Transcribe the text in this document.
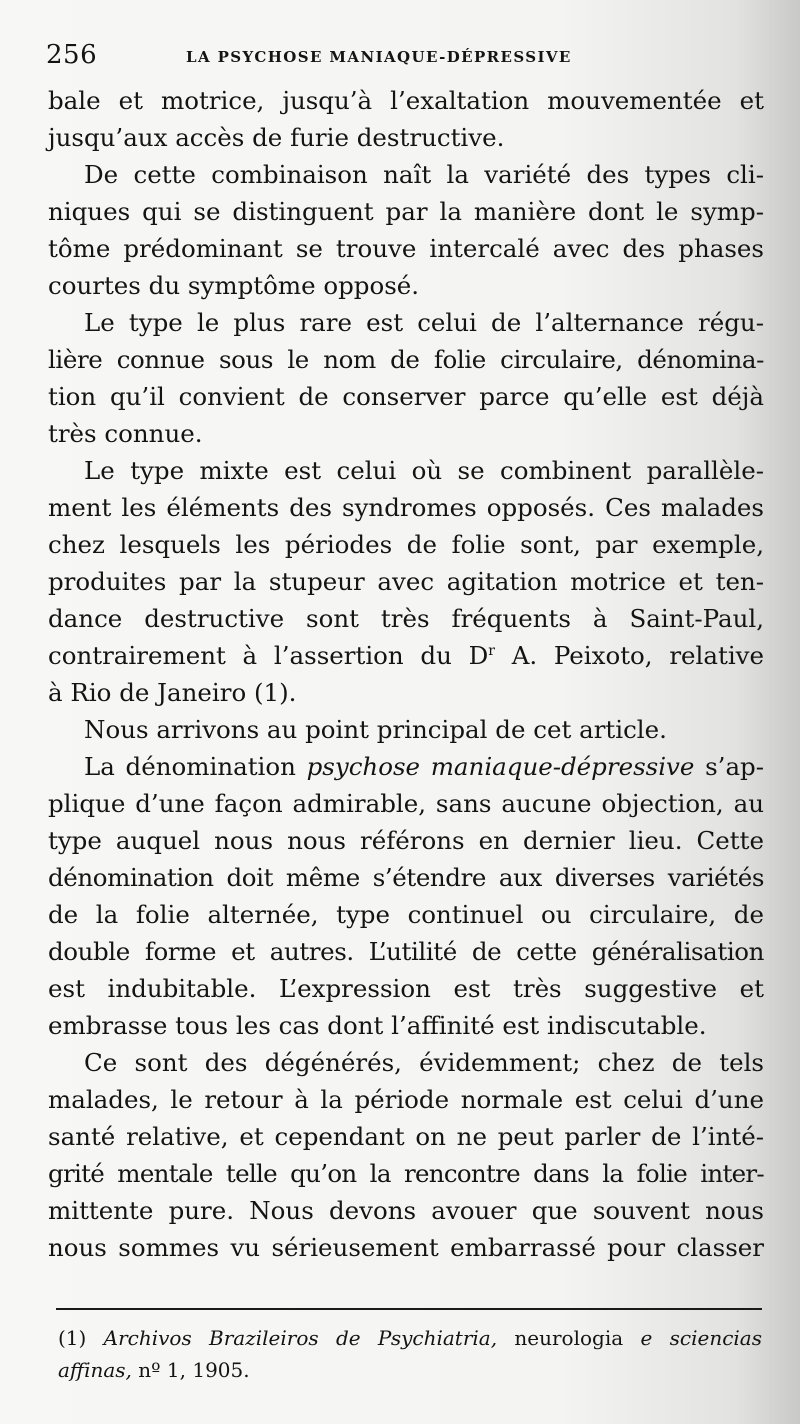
256	LA PSYCHOSE MANIAQUE-DÉPRESSIVE
bale et motrice, jusqu’à l’exaltation mouvementée et
jusqu’aux accès de furie destructive.
De cette combinaison naît la variété des types cli-
niques qui se distinguent par la manière dont le symp-
tôme prédominant se trouve intercalé avec des phases
courtes du symptôme opposé.
Le type le plus rare est celui de l’alternance régu-
lière connue sous le nom de folie circulaire, dénomina-
tion qu’il convient de conserver parce qu’elle est déjà
très connue.
Le type mixte est celui où se combinent parallèle-
ment les éléments des syndromes opposés. Ces malades
chez lesquels les périodes de folie sont, par exemple,
produites par la stupeur avec agitation motrice et ten-
dance destructive sont très fréquents à Saint-Paul,
contrairement à l’assertion du $D^r$ A. Peixoto, relative
à Rio de Janeiro (1).
Nous arrivons au point principal de cet article.
La dénomination psychose maniaque-dépressive s’ap-
plique d’une façon admirable, sans aucune objection, au
type auquel nous nous référons en dernier lieu. Cette
dénomination doit même s’étendre aux diverses variétés
de la folie alternée, type continuel ou circulaire, de
double forme et autres. L’utilité de cette généralisation
est indubitable. L’expression est très suggestive et
embrasse tous les cas dont l’affinité est indiscutable.
Ce sont des dégénérés, évidemment; chez de tels
malades, le retour à la période normale est celui d’une
santé relative, et cependant on ne peut parler de l’inté-
grité mentale telle qu’on la rencontre dans la folie inter-
mittente pure. Nous devons avouer que souvent nous
nous sommes vu sérieusement embarrassé pour classer
(1) Archivos Brazileiros de Psychiatria, neurologia e sciencias
affinas, nº 1, 1905.
